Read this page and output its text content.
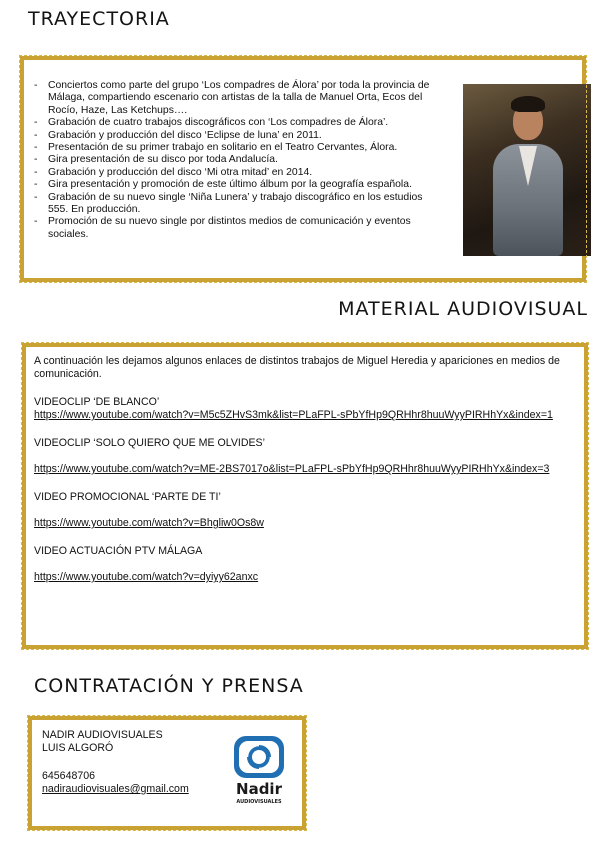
TRAYECTORIA
- Conciertos como parte del grupo ‘Los compadres de Álora’ por toda la provincia de Málaga, compartiendo escenario con artistas de la talla de Manuel Orta, Ecos del Rocío, Haze, Las Ketchups….
- Grabación de cuatro trabajos discográficos con ‘Los compadres de Álora’.
- Grabación y producción del disco ‘Eclipse de luna’ en 2011.
- Presentación de su primer trabajo en solitario en el Teatro Cervantes, Álora.
- Gira presentación de su disco por toda Andalucía.
- Grabación y producción del disco ‘Mi otra mitad’ en 2014.
- Gira presentación y promoción de este último álbum por la geografía española.
- Grabación de su nuevo single ‘Niña Lunera’ y trabajo discográfico en los estudios 555. En producción.
- Promoción de su nuevo single por distintos medios de comunicación y eventos sociales.
MATERIAL AUDIOVISUAL

A continuación les dejamos algunos enlaces de distintos trabajos de Miguel Heredia y apariciones en medios de comunicación.

VIDEOCLIP ‘DE BLANCO’

https://www.youtube.com/watch?v=M5c5ZHvS3mk&list=PLaFPL-sPbYfHp9QRHhr8huuWyyPIRHhYx&index=1

VIDEOCLIP ‘SOLO QUIERO QUE ME OLVIDES’

https://www.youtube.com/watch?v=ME-2BS7017o&list=PLaFPL-sPbYfHp9QRHhr8huuWyyPIRHhYx&index=3

VIDEO PROMOCIONAL ‘PARTE DE TI’

https://www.youtube.com/watch?v=Bhgliw0Os8w

VIDEO ACTUACIÓN PTV MÁLAGA

https://www.youtube.com/watch?v=dyiyy62anxc

CONTRATACIÓN Y PRENSA

NADIR AUDIOVISUALES

LUIS ALGORÓ

645648706

nadiraudiovisuales@gmail.com	Nadir
AUDIOVISUALES
